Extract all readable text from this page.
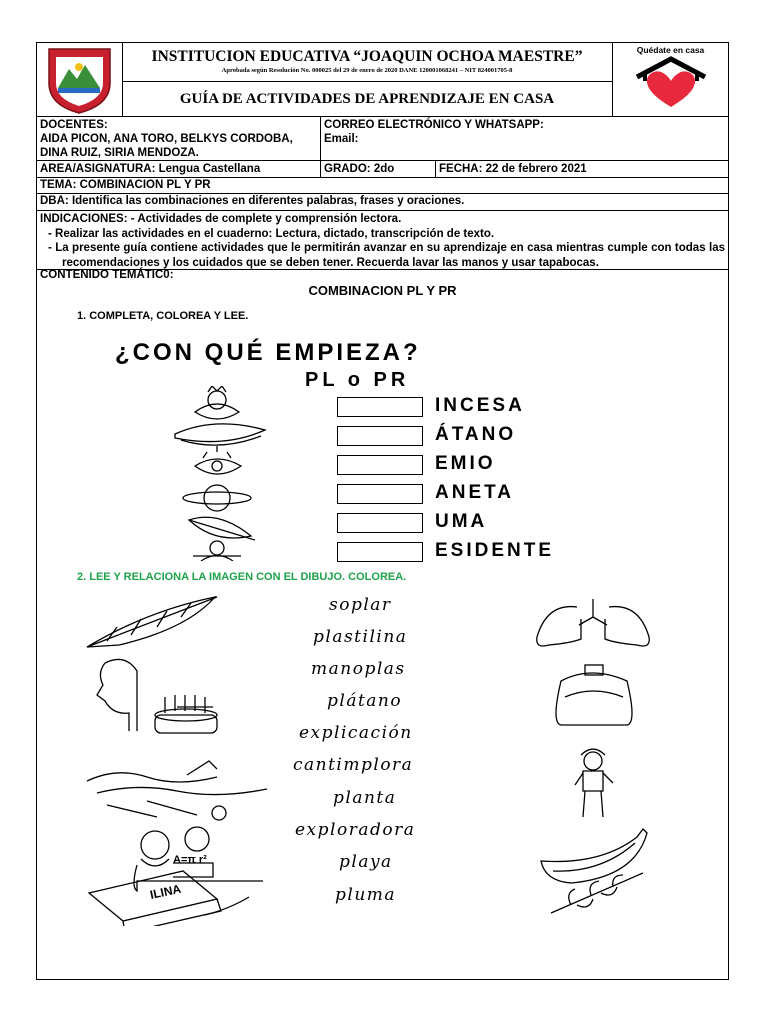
INSTITUCION EDUCATIVA “JOAQUIN OCHOA MAESTRE”
Aprobada según Resolución No. 000025 del 29 de enero de 2020 DANE 120001068241 – NIT 824001705-8
GUÍA DE ACTIVIDADES DE APRENDIZAJE EN CASA
Quédate en casa
DOCENTES:
AIDA PICON, ANA TORO, BELKYS CORDOBA,
DINA RUIZ, SIRIA MENDOZA.
CORREO ELECTRÓNICO Y WHATSAPP:
Email:
AREA/ASIGNATURA: Lengua Castellana	GRADO: 2do	FECHA: 22 de febrero 2021
TEMA: COMBINACION PL Y PR
DBA: Identifica las combinaciones en diferentes palabras, frases y oraciones.
INDICACIONES: - Actividades de complete y comprensión lectora.
- Realizar las actividades en el cuaderno: Lectura, dictado, transcripción de texto.
- La presente guía contiene actividades que le permitirán avanzar en su aprendizaje en casa mientras cumple con todas las recomendaciones y los cuidados que se deben tener. Recuerda lavar las manos y usar tapabocas.
CONTENIDO TEMÁTIC0:
COMBINACION PL Y PR
1. COMPLETA, COLOREA Y LEE.
¿CON QUÉ EMPIEZA?
PL o PR
INCESA
ÁTANO
EMIO
ANETA
UMA
ESIDENTE
2. LEE Y RELACIONA LA IMAGEN CON EL DIBUJO. COLOREA.
A=π r²
ILINA
soplar
plastilina
manoplas
plátano
explicación
cantimplora
planta
exploradora
playa
pluma
